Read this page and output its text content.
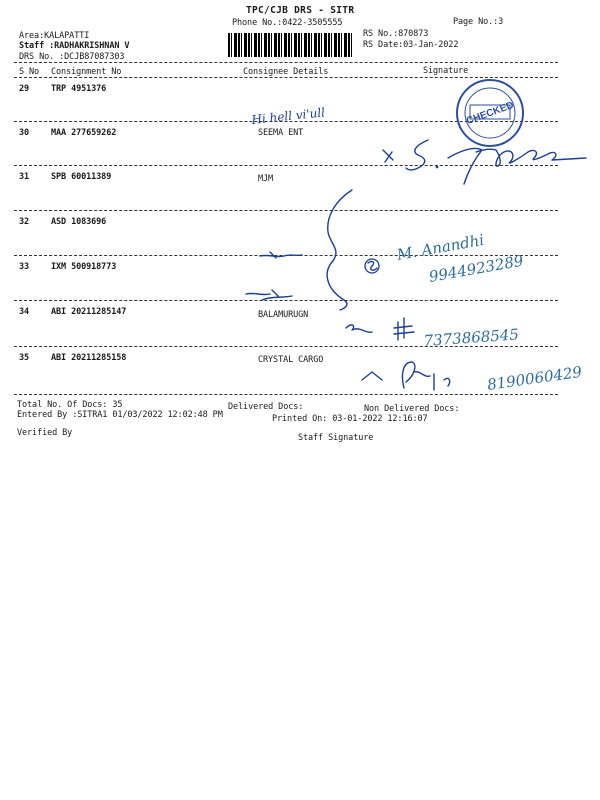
TPC/CJB DRS - SITR
Phone No.:0422-3505555	Page No.:3
Area:KALAPATTI
Staff :RADHAKRISHNAN V
DRS No. :DCJB87087303
RS No.:870873
RS Date:03-Jan-2022
S No Consignment No	Consignee Details	Signature
29	TRP 4951376
30	MAA 277659262	SEEMA ENT
31	SPB 60011389	MJM
32	ASD 1083696
33	IXM 500918773
34	ABI 20211285147	BALAMURUGN
35	ABI 20211285158	CRYSTAL CARGO
Total No. Of Docs: 35	Delivered Docs:	Non Delivered Docs:
Entered By :SITRA1 01/03/2022 12:02:48 PM	Printed On: 03-01-2022 12:16:07
Verified By	Staff Signature
CHECKED
Hi hell vi'ull
M. Anandhi
9944923289
7373868545
8190060429
